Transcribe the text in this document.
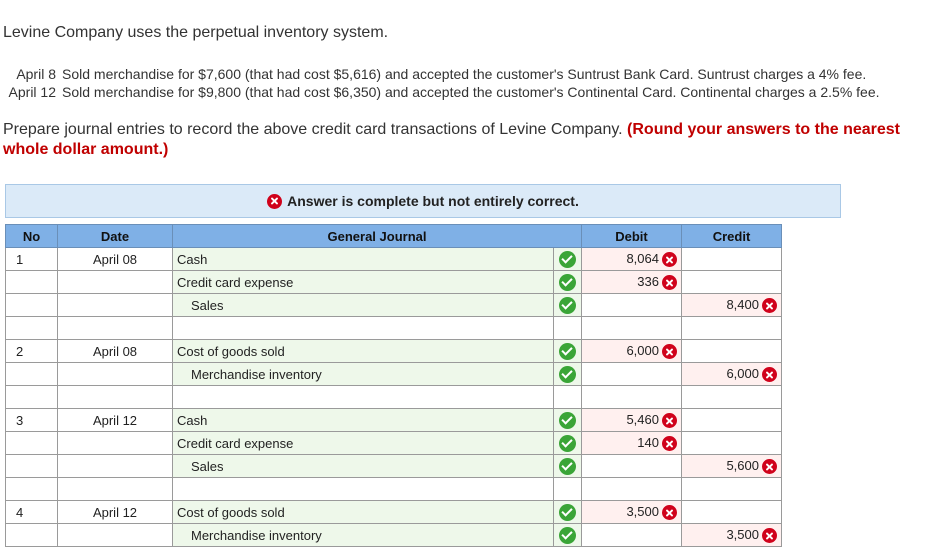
Levine Company uses the perpetual inventory system.
April 8 Sold merchandise for $7,600 (that had cost $5,616) and accepted the customer's Suntrust Bank Card. Suntrust charges a 4% fee.
April 12 Sold merchandise for $9,800 (that had cost $6,350) and accepted the customer's Continental Card. Continental charges a 2.5% fee.
Prepare journal entries to record the above credit card transactions of Levine Company. (Round your answers to the nearest whole dollar amount.)
Answer is complete but not entirely correct.
No	Date	General Journal		Debit	Credit
1	April 08	Cash		8,064	
		Credit card expense		336	
		Sales			8,400

2	April 08	Cost of goods sold		6,000	
		Merchandise inventory			6,000

3	April 12	Cash		5,460	
		Credit card expense		140	
		Sales			5,600

4	April 12	Cost of goods sold		3,500	
		Merchandise inventory			3,500
